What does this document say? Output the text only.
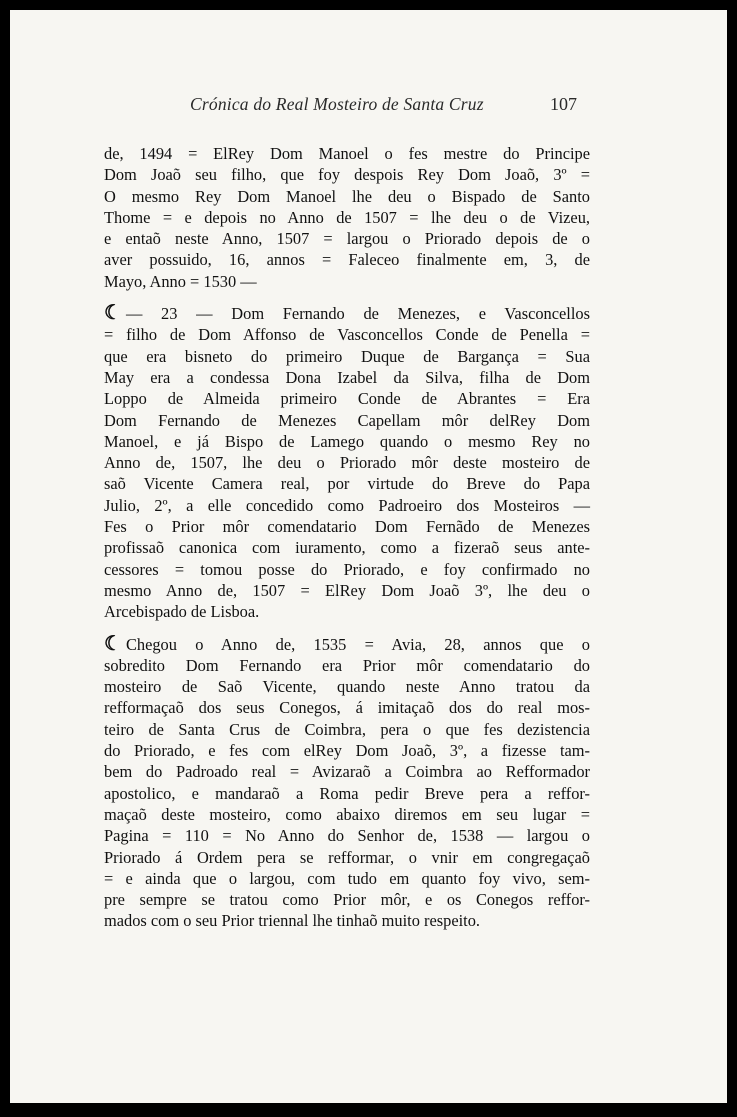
Crónica do Real Mosteiro de Santa Cruz	107
de, 1494 = ElRey Dom Manoel o fes mestre do Principe
Dom Joaõ seu filho, que foy despois Rey Dom Joaõ, 3º =
O mesmo Rey Dom Manoel lhe deu o Bispado de Santo
Thome = e depois no Anno de 1507 = lhe deu o de Vizeu,
e entaõ neste Anno, 1507 = largou o Priorado depois de o
aver possuido, 16, annos = Faleceo finalmente em, 3, de
Mayo, Anno = 1530 —
☾ — 23 — Dom Fernando de Menezes, e Vasconcellos
= filho de Dom Affonso de Vasconcellos Conde de Penella =
que era bisneto do primeiro Duque de Bargança = Sua
May era a condessa Dona Izabel da Silva, filha de Dom
Loppo de Almeida primeiro Conde de Abrantes = Era
Dom Fernando de Menezes Capellam môr delRey Dom
Manoel, e já Bispo de Lamego quando o mesmo Rey no
Anno de, 1507, lhe deu o Priorado môr deste mosteiro de
saõ Vicente Camera real, por virtude do Breve do Papa
Julio, 2º, a elle concedido como Padroeiro dos Mosteiros —
Fes o Prior môr comendatario Dom Fernãdo de Menezes
profissaõ canonica com iuramento, como a fizeraõ seus ante-
cessores = tomou posse do Priorado, e foy confirmado no
mesmo Anno de, 1507 = ElRey Dom Joaõ 3º, lhe deu o
Arcebispado de Lisboa.
☾ Chegou o Anno de, 1535 = Avia, 28, annos que o
sobredito Dom Fernando era Prior môr comendatario do
mosteiro de Saõ Vicente, quando neste Anno tratou da
refformaçaõ dos seus Conegos, á imitaçaõ dos do real mos-
teiro de Santa Crus de Coimbra, pera o que fes dezistencia
do Priorado, e fes com elRey Dom Joaõ, 3º, a fizesse tam-
bem do Padroado real = Avizaraõ a Coimbra ao Refformador
apostolico, e mandaraõ a Roma pedir Breve pera a reffor-
maçaõ deste mosteiro, como abaixo diremos em seu lugar =
Pagina = 110 = No Anno do Senhor de, 1538 — largou o
Priorado á Ordem pera se refformar, o vnir em congregaçaõ
= e ainda que o largou, com tudo em quanto foy vivo, sem-
pre sempre se tratou como Prior môr, e os Conegos reffor-
mados com o seu Prior triennal lhe tinhaõ muito respeito.
